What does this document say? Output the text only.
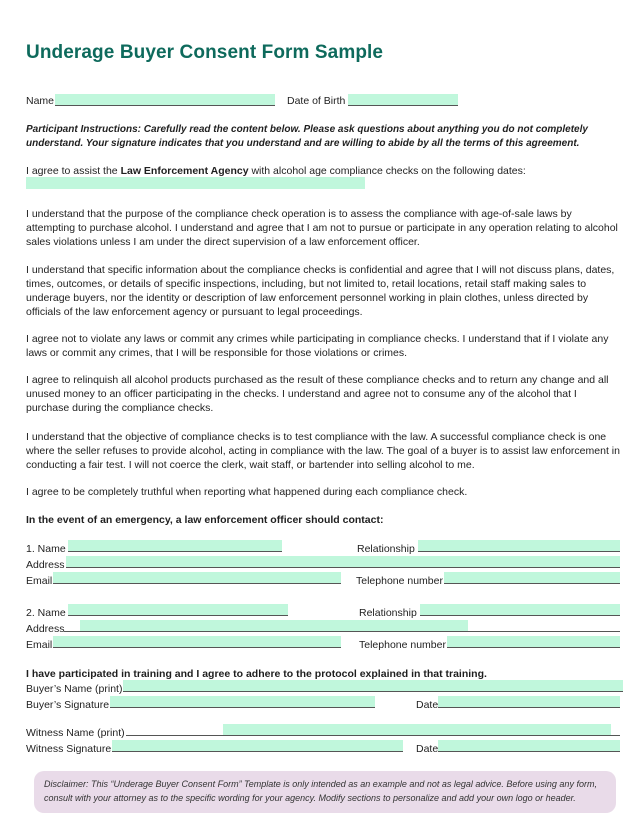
Underage Buyer Consent Form Sample
Name	Date of Birth
Participant Instructions: Carefully read the content below. Please ask questions about anything you do not completely understand. Your signature indicates that you understand and are willing to abide by all the terms of this agreement.
I agree to assist the Law Enforcement Agency with alcohol age compliance checks on the following dates:
I understand that the purpose of the compliance check operation is to assess the compliance with age-of-sale laws by attempting to purchase alcohol. I understand and agree that I am not to pursue or participate in any operation relating to alcohol sales violations unless I am under the direct supervision of a law enforcement officer.
I understand that specific information about the compliance checks is confidential and agree that I will not discuss plans, dates, times, outcomes, or details of specific inspections, including, but not limited to, retail locations, retail staff making sales to underage buyers, nor the identity or description of law enforcement personnel working in plain clothes, unless directed by officials of the law enforcement agency or pursuant to legal proceedings.
I agree not to violate any laws or commit any crimes while participating in compliance checks. I understand that if I violate any laws or commit any crimes, that I will be responsible for those violations or crimes.
I agree to relinquish all alcohol products purchased as the result of these compliance checks and to return any change and all unused money to an officer participating in the checks. I understand and agree not to consume any of the alcohol that I purchase during the compliance checks.
I understand that the objective of compliance checks is to test compliance with the law. A successful compliance check is one where the seller refuses to provide alcohol, acting in compliance with the law. The goal of a buyer is to assist law enforcement in conducting a fair test. I will not coerce the clerk, wait staff, or bartender into selling alcohol to me.
I agree to be completely truthful when reporting what happened during each compliance check.
In the event of an emergency, a law enforcement officer should contact:
1. Name	Relationship
Address
Email	Telephone number
2. Name	Relationship
Address
Email	Telephone number
I have participated in training and I agree to adhere to the protocol explained in that training.
Buyer’s Name (print)
Buyer’s Signature	Date
Witness Name (print)
Witness Signature	Date
Disclaimer: This “Underage Buyer Consent Form” Template is only intended as an example and not as legal advice. Before using any form, consult with your attorney as to the specific wording for your agency. Modify sections to personalize and add your own logo or header.
